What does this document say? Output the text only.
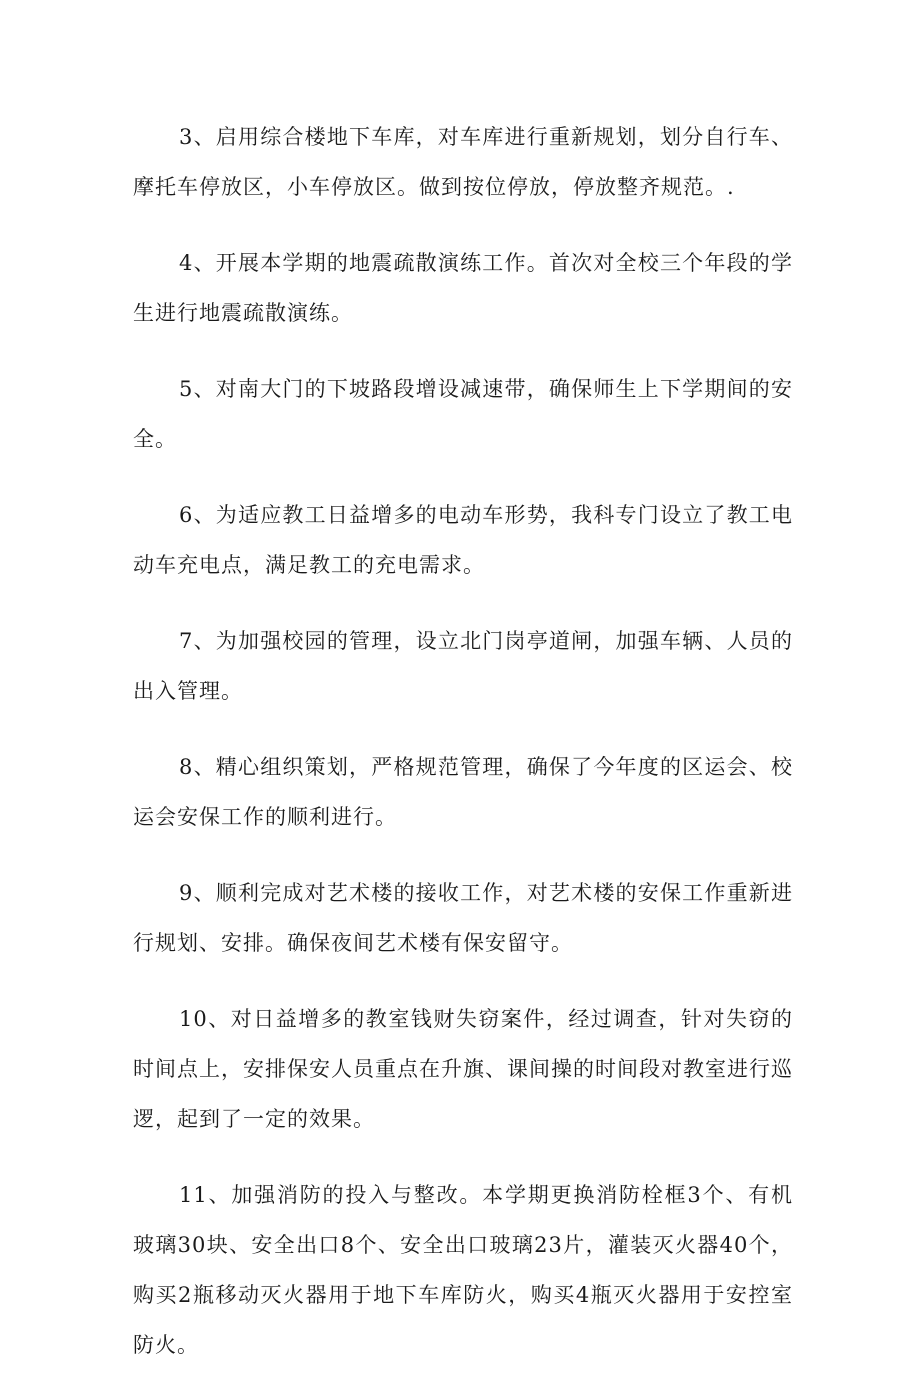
3、启用综合楼地下车库，对车库进行重新规划，划分自行车、摩托车停放区，小车停放区。做到按位停放，停放整齐规范。.

4、开展本学期的地震疏散演练工作。首次对全校三个年段的学生进行地震疏散演练。

5、对南大门的下坡路段增设减速带，确保师生上下学期间的安全。

6、为适应教工日益增多的电动车形势，我科专门设立了教工电动车充电点，满足教工的充电需求。

7、为加强校园的管理，设立北门岗亭道闸，加强车辆、人员的出入管理。

8、精心组织策划，严格规范管理，确保了今年度的区运会、校运会安保工作的顺利进行。

9、顺利完成对艺术楼的接收工作，对艺术楼的安保工作重新进行规划、安排。确保夜间艺术楼有保安留守。

10、对日益增多的教室钱财失窃案件，经过调查，针对失窃的时间点上，安排保安人员重点在升旗、课间操的时间段对教室进行巡逻，起到了一定的效果。

11、加强消防的投入与整改。本学期更换消防栓框3个、有机玻璃30块、安全出口8个、安全出口玻璃23片，灌装灭火器40个，购买2瓶移动灭火器用于地下车库防火，购买4瓶灭火器用于安控室防火。
